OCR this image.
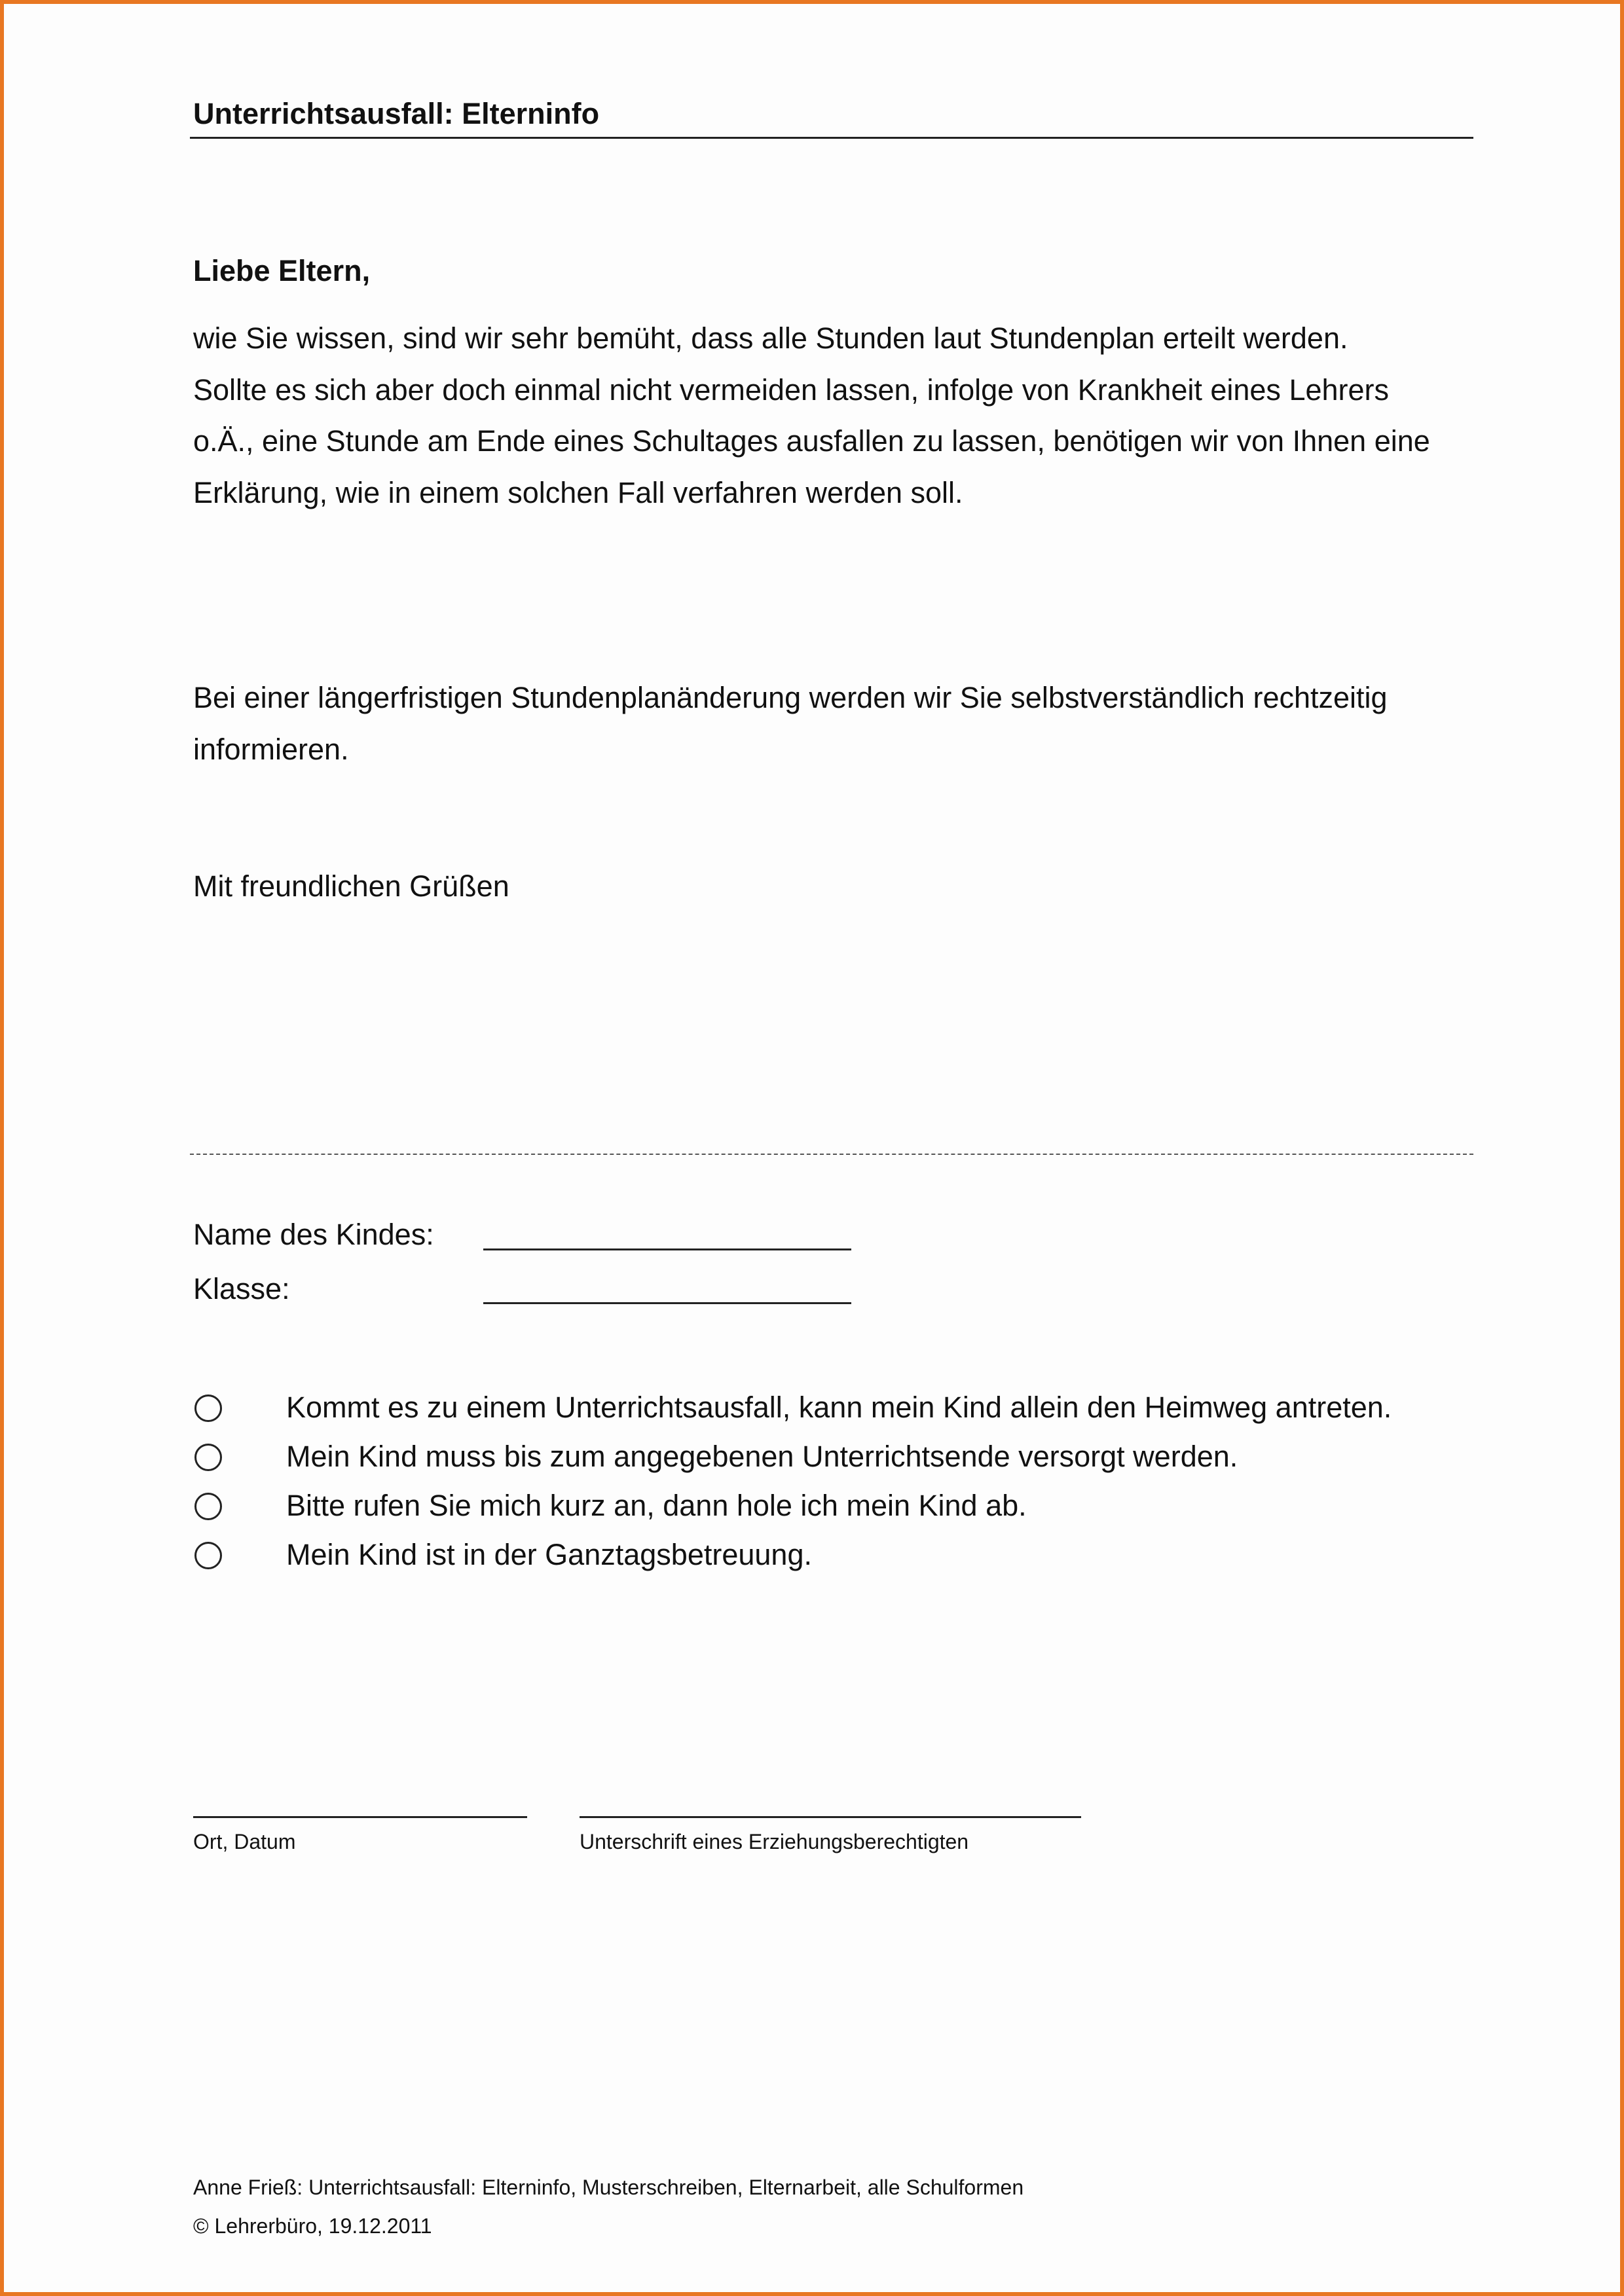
Unterrichtsausfall: Elterninfo
Liebe Eltern,
wie Sie wissen, sind wir sehr bemüht, dass alle Stunden laut Stundenplan erteilt werden.
Sollte es sich aber doch einmal nicht vermeiden lassen, infolge von Krankheit eines Lehrers
o.Ä., eine Stunde am Ende eines Schultages ausfallen zu lassen, benötigen wir von Ihnen eine
Erklärung, wie in einem solchen Fall verfahren werden soll.
Bei einer längerfristigen Stundenplanänderung werden wir Sie selbstverständlich rechtzeitig
informieren.
Mit freundlichen Grüßen
Name des Kindes:
Klasse:
Kommt es zu einem Unterrichtsausfall, kann mein Kind allein den Heimweg antreten.
Mein Kind muss bis zum angegebenen Unterrichtsende versorgt werden.
Bitte rufen Sie mich kurz an, dann hole ich mein Kind ab.
Mein Kind ist in der Ganztagsbetreuung.
Ort, Datum	Unterschrift eines Erziehungsberechtigten
Anne Frieß: Unterrichtsausfall: Elterninfo, Musterschreiben, Elternarbeit, alle Schulformen
© Lehrerbüro, 19.12.2011
